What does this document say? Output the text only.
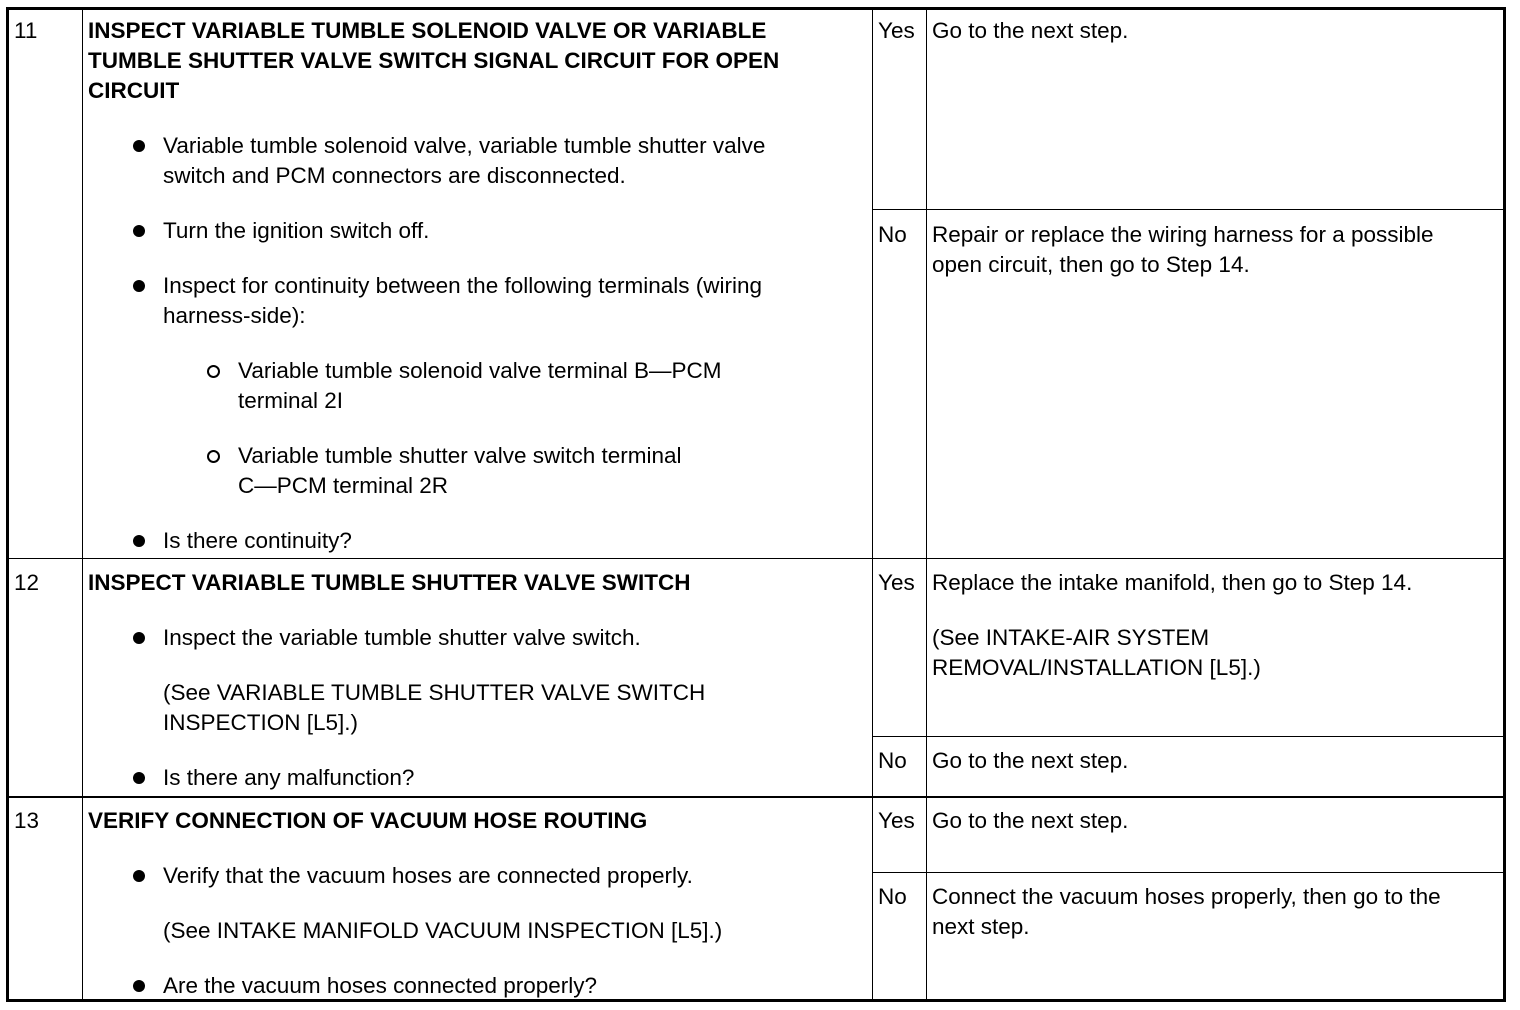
11 INSPECT VARIABLE TUMBLE SOLENOID VALVE OR VARIABLE
TUMBLE SHUTTER VALVE SWITCH SIGNAL CIRCUIT FOR OPEN
CIRCUIT
Variable tumble solenoid valve, variable tumble shutter valve
switch and PCM connectors are disconnected.
Turn the ignition switch off.
Inspect for continuity between the following terminals (wiring
harness-side):
Variable tumble solenoid valve terminal B—PCM
terminal 2I
Variable tumble shutter valve switch terminal
C—PCM terminal 2R
Is there continuity?
Yes Go to the next step.
No Repair or replace the wiring harness for a possible
open circuit, then go to Step 14.
12 INSPECT VARIABLE TUMBLE SHUTTER VALVE SWITCH
Inspect the variable tumble shutter valve switch.
(See VARIABLE TUMBLE SHUTTER VALVE SWITCH
INSPECTION [L5].)
Is there any malfunction?
Yes Replace the intake manifold, then go to Step 14.
(See INTAKE-AIR SYSTEM
REMOVAL/INSTALLATION [L5].)
No Go to the next step.
13 VERIFY CONNECTION OF VACUUM HOSE ROUTING
Verify that the vacuum hoses are connected properly.
(See INTAKE MANIFOLD VACUUM INSPECTION [L5].)
Are the vacuum hoses connected properly?
Yes Go to the next step.
No Connect the vacuum hoses properly, then go to the
next step.
